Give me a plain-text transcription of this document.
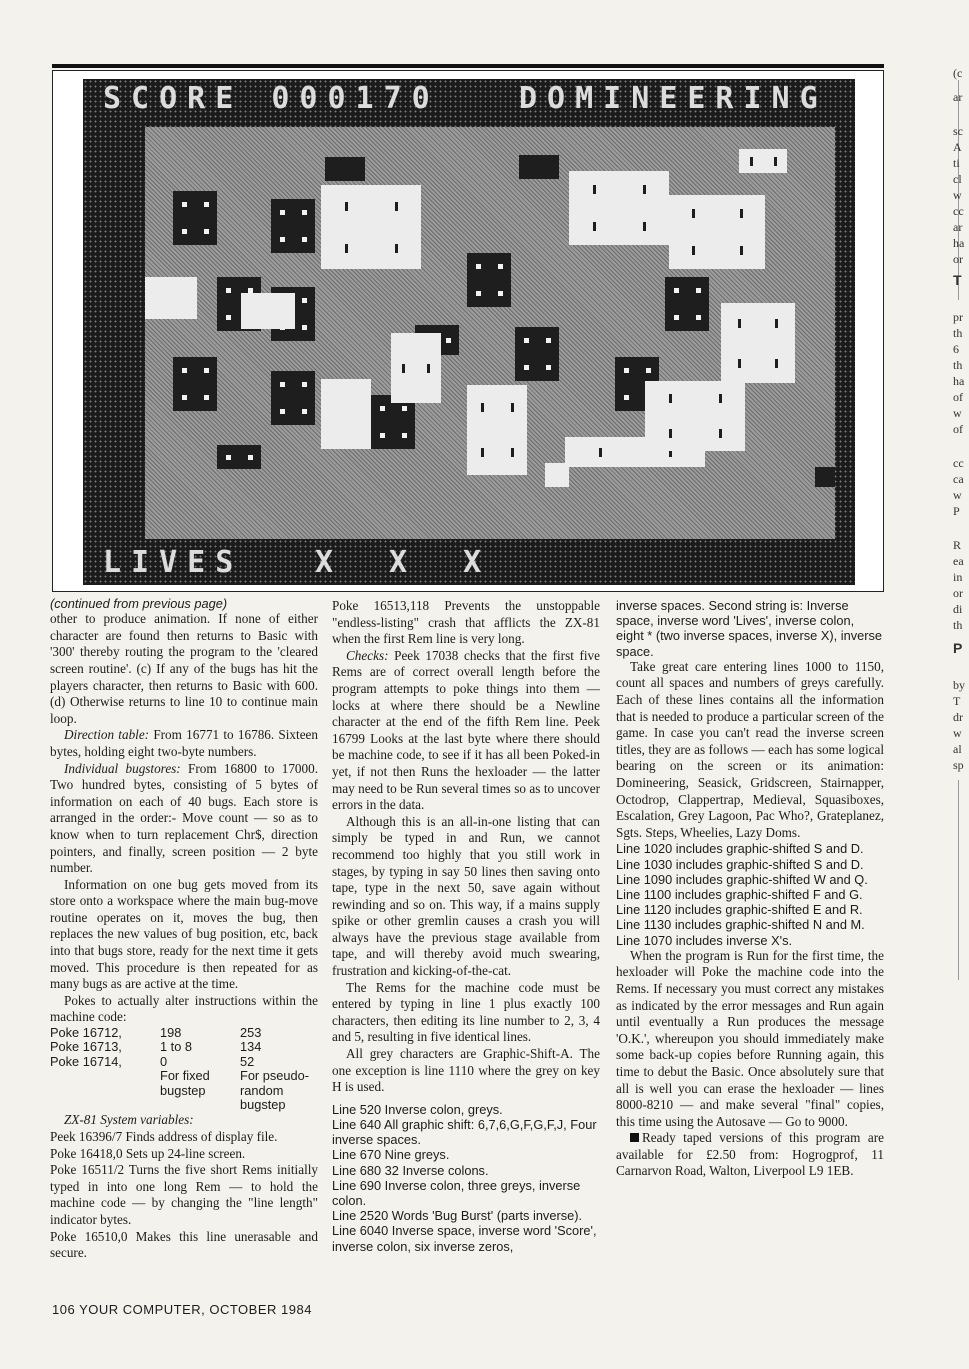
SCORE 000170	DOMINEERING
LIVES X X X

(continued from previous page)

other to produce animation. If none of either character are found then returns to Basic with '300' thereby routing the program to the 'cleared screen routine'. (c) If any of the bugs has hit the players character, then returns to Basic with 600. (d) Otherwise returns to line 10 to continue main loop.

Direction table: From 16771 to 16786. Sixteen bytes, holding eight two-byte numbers.

Individual bugstores: From 16800 to 17000. Two hundred bytes, consisting of 5 bytes of information on each of 40 bugs. Each store is arranged in the order:- Move count — so as to know when to turn replacement Chr$, direction pointers, and finally, screen position — 2 byte number.

Information on one bug gets moved from its store onto a workspace where the main bug-move routine operates on it, moves the bug, then replaces the new values of bug position, etc, back into that bugs store, ready for the next time it gets moved. This procedure is then repeated for as many bugs as are active at the time.

Pokes to actually alter instructions within the machine code:

Poke 16712,	198	253
Poke 16713,	1 to 8	134
Poke 16714,	0	52
For fixed	For pseudo-
bugstep	random
bugstep

ZX-81 System variables:

Peek 16396/7 Finds address of display file.

Poke 16418,0 Sets up 24-line screen.

Poke 16511/2 Turns the five short Rems initially typed in into one long Rem — to hold the machine code — by changing the "line length" indicator bytes.

Poke 16510,0 Makes this line unerasable and secure.

Poke 16513,118 Prevents the unstoppable "endless-listing" crash that afflicts the ZX-81 when the first Rem line is very long.

Checks: Peek 17038 checks that the first five Rems are of correct overall length before the program attempts to poke things into them — locks at where there should be a Newline character at the end of the fifth Rem line. Peek 16799 Looks at the last byte where there should be machine code, to see if it has all been Poked-in yet, if not then Runs the hexloader — the latter may need to be Run several times so as to uncover errors in the data.

Although this is an all-in-one listing that can simply be typed in and Run, we cannot recommend too highly that you still work in stages, by typing in say 50 lines then saving onto tape, type in the next 50, save again without rewinding and so on. This way, if a mains supply spike or other gremlin causes a crash you will always have the previous stage available from tape, and will thereby avoid much swearing, frustration and kicking-of-the-cat.

The Rems for the machine code must be entered by typing in line 1 plus exactly 100 characters, then editing its line number to 2, 3, 4 and 5, resulting in five identical lines.

All grey characters are Graphic-Shift-A. The one exception is line 1110 where the grey on key H is used.

Line 520 Inverse colon, greys.

Line 640 All graphic shift: 6,7,6,G,F,G,F,J, Four inverse spaces.

Line 670 Nine greys.

Line 680 32 Inverse colons.

Line 690 Inverse colon, three greys, inverse colon.

Line 2520 Words 'Bug Burst' (parts inverse).

Line 6040 Inverse space, inverse word 'Score', inverse colon, six inverse zeros,

inverse spaces. Second string is: Inverse space, inverse word 'Lives', inverse colon, eight * (two inverse spaces, inverse X), inverse space.

Take great care entering lines 1000 to 1150, count all spaces and numbers of greys carefully. Each of these lines contains all the information that is needed to produce a particular screen of the game. In case you can't read the inverse screen titles, they are as follows — each has some logical bearing on the screen or its animation: Domineering, Seasick, Gridscreen, Stairnapper, Octodrop, Clappertrap, Medieval, Squasiboxes, Escalation, Grey Lagoon, Pac Who?, Grateplanez, Sgts. Steps, Wheelies, Lazy Doms.

Line 1020 includes graphic-shifted S and D.

Line 1030 includes graphic-shifted S and D.

Line 1090 includes graphic-shifted W and Q.

Line 1100 includes graphic-shifted F and G.

Line 1120 includes graphic-shifted E and R.

Line 1130 includes graphic-shifted N and M.

Line 1070 includes inverse X's.

When the program is Run for the first time, the hexloader will Poke the machine code into the Rems. If necessary you must correct any mistakes as indicated by the error messages and Run again until eventually a Run produces the message 'O.K.', whereupon you should immediately make some back-up copies before Running again, this time to debut the Basic. Once absolutely sure that all is well you can erase the hexloader — lines 8000-8210 — and make several "final" copies, this time using the Autosave — Go to 9000.

Ready taped versions of this program are available for £2.50 from: Hogrogprof, 11 Carnarvon Road, Walton, Liverpool L9 1EB.

106 YOUR COMPUTER, OCTOBER 1984
(c
ar
sc
A
ti
cl
w
cc
ar
ha
or
T
pr
th
6
th
ha
of
w
of
cc
ca
w
P
R
ea
in
or
di
th
P
by
T
dr
w
al
sp
